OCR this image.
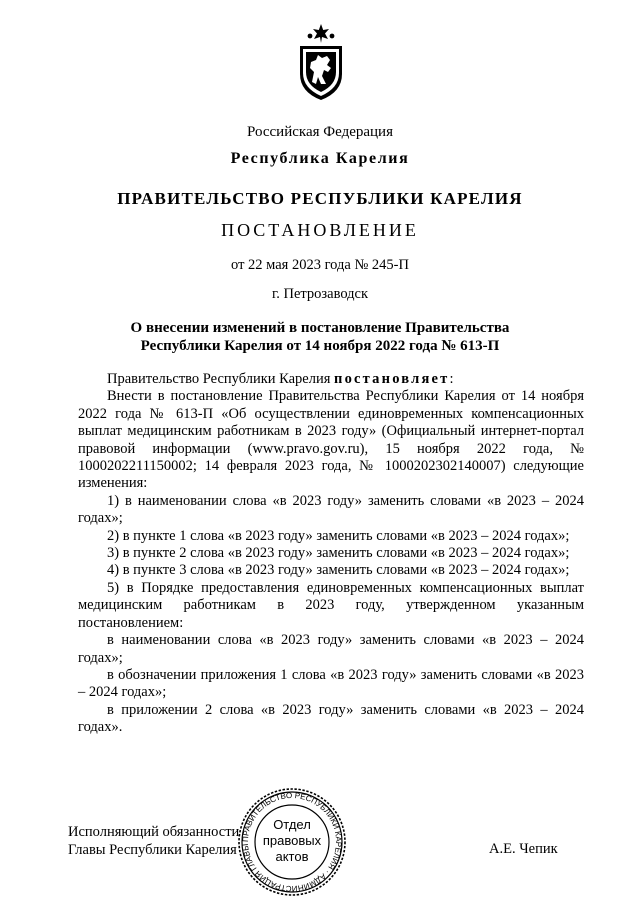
Российская Федерация
Республика Карелия
ПРАВИТЕЛЬСТВО РЕСПУБЛИКИ КАРЕЛИЯ
ПОСТАНОВЛЕНИЕ
от 22 мая 2023 года № 245-П
г. Петрозаводск
О внесении изменений в постановление Правительства
Республики Карелия от 14 ноября 2022 года № 613-П

Правительство Республики Карелия постановляет:

Внести в постановление Правительства Республики Карелия от 14 ноября 2022 года № 613-П «Об осуществлении единовременных компенсационных выплат медицинским работникам в 2023 году» (Официальный интернет-портал правовой информации (www.pravo.gov.ru), 15 ноября 2022 года, № 1000202211150002; 14 февраля 2023 года, № 1000202302140007) следующие изменения:

1) в наименовании слова «в 2023 году» заменить словами «в 2023 – 2024 годах»;

2) в пункте 1 слова «в 2023 году» заменить словами «в 2023 – 2024 годах»;

3) в пункте 2 слова «в 2023 году» заменить словами «в 2023 – 2024 годах»;

4) в пункте 3 слова «в 2023 году» заменить словами «в 2023 – 2024 годах»;

5) в Порядке предоставления единовременных компенсационных выплат медицинским работникам в 2023 году, утвержденном указанным постановлением:

в наименовании слова «в 2023 году» заменить словами «в 2023 – 2024 годах»;

в обозначении приложения 1 слова «в 2023 году» заменить словами «в 2023 – 2024 годах»;

в приложении 2 слова «в 2023 году» заменить словами «в 2023 – 2024 годах».

Исполняющий обязанности
Главы Республики Карелия	А.Е. Чепик
ПРАВИТЕЛЬСТВО РЕСПУБЛИКИ КАРЕЛИЯ · АДМИНИСТРАЦИЯ ГЛАВЫ
Отдел
правовых
актов
